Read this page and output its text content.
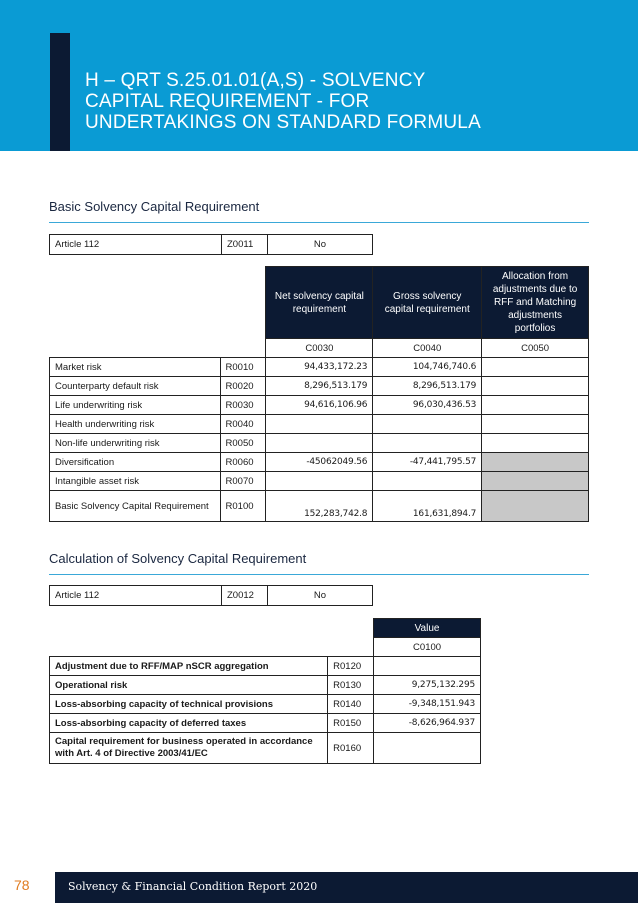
H – QRT S.25.01.01(A,S) - SOLVENCY
CAPITAL REQUIREMENT - FOR
UNDERTAKINGS ON STANDARD FORMULA
Basic Solvency Capital Requirement
Article 112	Z0011	No
		Net solvency capital requirement	Gross solvency capital requirement	Allocation from adjustments due to RFF and Matching adjustments portfolios
		C0030	C0040	C0050
Market risk	R0010	94,433,172.23	104,746,740.6	
Counterparty default risk	R0020	8,296,513.179	8,296,513.179	
Life underwriting risk	R0030	94,616,106.96	96,030,436.53	
Health underwriting risk	R0040			
Non-life underwriting risk	R0050			
Diversification	R0060	-45062049.56	-47,441,795.57	
Intangible asset risk	R0070			
Basic Solvency Capital Requirement	R0100	152,283,742.8	161,631,894.7	
Calculation of Solvency Capital Requirement
Article 112	Z0012	No
		Value
		C0100
Adjustment due to RFF/MAP nSCR aggregation	R0120	
Operational risk	R0130	9,275,132.295
Loss-absorbing capacity of technical provisions	R0140	-9,348,151.943
Loss-absorbing capacity of deferred taxes	R0150	-8,626,964.937
Capital requirement for business operated in accordance with Art. 4 of Directive 2003/41/EC	R0160	
78	Solvency & Financial Condition Report 2020
